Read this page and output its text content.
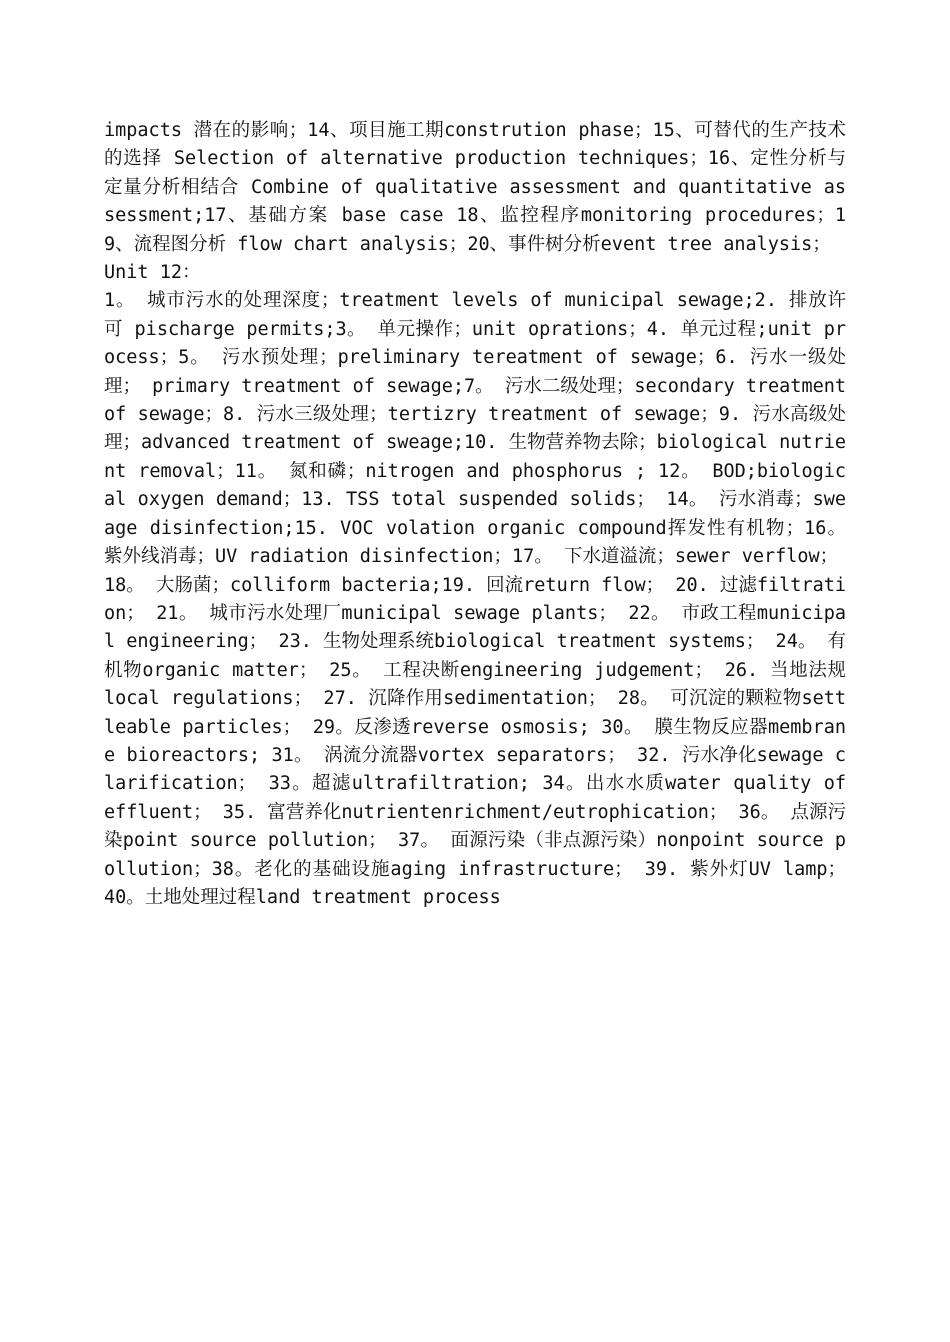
impacts 潜在的影响；14、项目施工期constrution phase；15、可替代的生产技术的选择 Selection of alternative production techniques；16、定性分析与定量分析相结合 Combine of qualitative assessment and quantitative assessment;17、基础方案 base case 18、监控程序monitoring procedures；19、流程图分析 flow chart analysis；20、事件树分析event tree analysis；

Unit 12：

1。 城市污水的处理深度；treatment levels of municipal sewage;2. 排放许可 pischarge permits;3。 单元操作；unit oprations；4. 单元过程;unit process；5。 污水预处理；preliminary tereatment of sewage；6. 污水一级处理； primary treatment of sewage;7。 污水二级处理；secondary treatment of sewage；8. 污水三级处理；tertizry treatment of sewage；9. 污水高级处理；advanced treatment of sweage;10. 生物营养物去除；biological nutrient removal；11。 氮和磷；nitrogen and phosphorus ; 12。 BOD;biological oxygen demand；13. TSS total suspended solids； 14。 污水消毒；sweage disinfection;15. VOC volation organic compound挥发性有机物；16。 紫外线消毒；UV radiation disinfection；17。 下水道溢流；sewer verflow；

18。 大肠菌；colliform bacteria;19. 回流return flow； 20. 过滤filtration； 21。 城市污水处理厂municipal sewage plants； 22。 市政工程municipal engineering； 23. 生物处理系统biological treatment systems； 24。 有机物organic matter； 25。 工程决断engineering judgement； 26. 当地法规 local regulations； 27. 沉降作用sedimentation； 28。 可沉淀的颗粒物settleable particles； 29。反渗透reverse osmosis; 30。 膜生物反应器membrane bioreactors; 31。 涡流分流器vortex separators； 32. 污水净化sewage clarification； 33。超滤ultrafiltration; 34。出水水质water quality of effluent； 35. 富营养化nutrientenrichment/eutrophication； 36。 点源污染point source pollution； 37。 面源污染（非点源污染）nonpoint source pollution；38。老化的基础设施aging infrastructure； 39. 紫外灯UV lamp； 40。土地处理过程land treatment process
